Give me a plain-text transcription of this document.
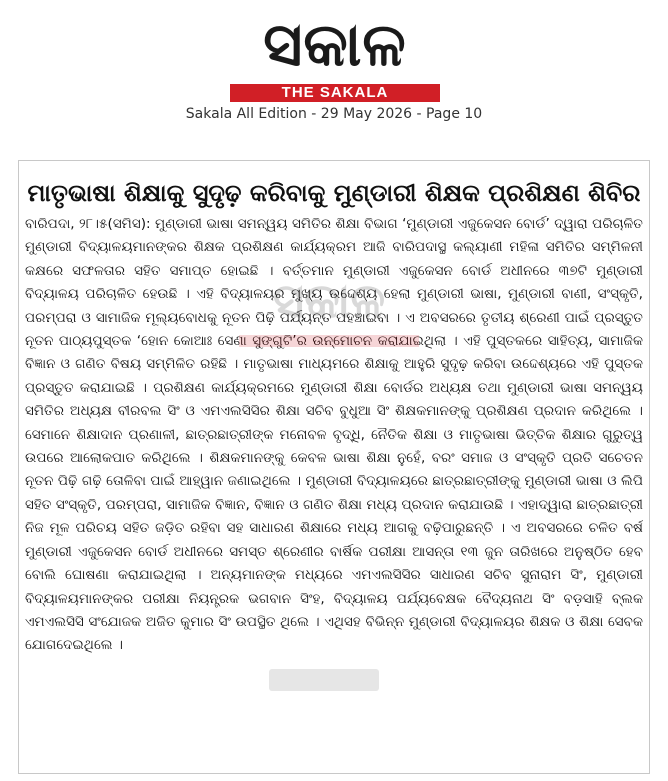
ସକାଳ
THE SAKALA
Sakala All Edition - 29 May 2026 - Page 10
ମାତୃଭାଷା ଶିକ୍ଷାକୁ ସୁଦୃଢ଼ କରିବାକୁ ମୁଣ୍ଡାରୀ ଶିକ୍ଷକ ପ୍ରଶିକ୍ଷଣ ଶିବିର
ବାରିପଦା, ୨୮।୫(ସମିସ): ମୁଣ୍ଡାରୀ ଭାଷା ସମନ୍ୱୟ ସମିତିର ଶିକ୍ଷା ବିଭାଗ ‘ମୁଣ୍ଡାରୀ ଏଜୁକେସନ ବୋର୍ଡ’ ଦ୍ୱାରା ପରିଚାଳିତ ମୁଣ୍ଡାରୀ ବିଦ୍ୟାଳୟମାନଙ୍କର ଶିକ୍ଷକ ପ୍ରଶିକ୍ଷଣ କାର୍ଯ୍ୟକ୍ରମ ଆଜି ବାରିପଦାସ୍ଥ କଲ୍ୟାଣୀ ମହିଳା ସମିତିର ସମ୍ମିଳନୀ କକ୍ଷରେ ସଫଳତାର ସହିତ ସମାପ୍ତ ହୋଇଛି । ବର୍ତ୍ତମାନ ମୁଣ୍ଡାରୀ ଏଜୁକେସନ ବୋର୍ଡ ଅଧୀନରେ ୩୭ଟି ମୁଣ୍ଡାରୀ ବିଦ୍ୟାଳୟ ପରିଚାଳିତ ହେଉଛି । ଏହି ବିଦ୍ୟାଳୟର ମୁଖ୍ୟ ଉଦ୍ଦେଶ୍ୟ ହେଲା ମୁଣ୍ଡାରୀ ଭାଷା, ମୁଣ୍ଡାରୀ ବାଣୀ, ସଂସ୍କୃତି, ପରମ୍ପରା ଓ ସାମାଜିକ ମୂଲ୍ୟବୋଧକୁ ନୂତନ ପିଢ଼ି ପର୍ଯ୍ୟନ୍ତ ପହଞ୍ଚାଇବା । ଏ ଅବସରରେ ତୃତୀୟ ଶ୍ରେଣୀ ପାଇଁ ପ୍ରସ୍ତୁତ ନୂତନ ପାଠ୍ୟପୁସ୍ତକ ‘ହୋନ କୋଆଃ ସେଣା ସୁଙ୍ଗୁଟି’ର ଉନ୍ମୋଚନ କରାଯାଇଥିଲା । ଏହି ପୁସ୍ତକରେ ସାହିତ୍ୟ, ସାମାଜିକ ବିଜ୍ଞାନ ଓ ଗଣିତ ବିଷୟ ସମ୍ମିଳିତ ରହିଛି । ମାତୃଭାଷା ମାଧ୍ୟମରେ ଶିକ୍ଷାକୁ ଆହୁରି ସୁଦୃଢ଼ କରିବା ଉଦ୍ଦେଶ୍ୟରେ ଏହି ପୁସ୍ତକ ପ୍ରସ୍ତୁତ କରାଯାଇଛି । ପ୍ରଶିକ୍ଷଣ କାର୍ଯ୍ୟକ୍ରମରେ ମୁଣ୍ଡାରୀ ଶିକ୍ଷା ବୋର୍ଡର ଅଧ୍ୟକ୍ଷ ତଥା ମୁଣ୍ଡାରୀ ଭାଷା ସମନ୍ୱୟ ସମିତିର ଅଧ୍ୟକ୍ଷ ବୀରବଲ ସିଂ ଓ ଏମଏଲସିସିର ଶିକ୍ଷା ସଚିବ ବୁଧୁଆ ସିଂ ଶିକ୍ଷକମାନଙ୍କୁ ପ୍ରଶିକ୍ଷଣ ପ୍ରଦାନ କରିଥିଲେ । ସେମାନେ ଶିକ୍ଷାଦାନ ପ୍ରଣାଳୀ, ଛାତ୍ରଛାତ୍ରୀଙ୍କ ମନୋବଳ ବୃଦ୍ଧି, ନୈତିକ ଶିକ୍ଷା ଓ ମାତୃଭାଷା ଭିତ୍ତିକ ଶିକ୍ଷାର ଗୁରୁତ୍ୱ ଉପରେ ଆଲୋକପାତ କରିଥିଲେ । ଶିକ୍ଷକମାନଙ୍କୁ କେବଳ ଭାଷା ଶିକ୍ଷା ନୁହେଁ, ବରଂ ସମାଜ ଓ ସଂସ୍କୃତି ପ୍ରତି ସଚେତନ ନୂତନ ପିଢ଼ି ଗଢ଼ି ତୋଳିବା ପାଇଁ ଆହ୍ୱାନ ଜଣାଇଥିଲେ । ମୁଣ୍ଡାରୀ ବିଦ୍ୟାଳୟରେ ଛାତ୍ରଛାତ୍ରୀଙ୍କୁ ମୁଣ୍ଡାରୀ ଭାଷା ଓ ଲିପି ସହିତ ସଂସ୍କୃତି, ପରମ୍ପରା, ସାମାଜିକ ବିଜ୍ଞାନ, ବିଜ୍ଞାନ ଓ ଗଣିତ ଶିକ୍ଷା ମଧ୍ୟ ପ୍ରଦାନ କରାଯାଉଛି । ଏହାଦ୍ୱାରା ଛାତ୍ରଛାତ୍ରୀ ନିଜ ମୂଳ ପରିଚୟ ସହିତ ଜଡ଼ିତ ରହିବା ସହ ସାଧାରଣ ଶିକ୍ଷାରେ ମଧ୍ୟ ଆଗକୁ ବଢ଼ିପାରୁଛନ୍ତି । ଏ ଅବସରରେ ଚଳିତ ବର୍ଷ ମୁଣ୍ଡାରୀ ଏଜୁକେସନ ବୋର୍ଡ ଅଧୀନରେ ସମସ୍ତ ଶ୍ରେଣୀର ବାର୍ଷିକ ପରୀକ୍ଷା ଆସନ୍ତା ୧୩ ଜୁନ ତାରିଖରେ ଅନୁଷ୍ଠିତ ହେବ ବୋଲି ଘୋଷଣା କରାଯାଇଥିଲା । ଅନ୍ୟମାନଙ୍କ ମଧ୍ୟରେ ଏମଏଲସିସିର ସାଧାରଣ ସଚିବ ସୁନାରାମ ସିଂ, ମୁଣ୍ଡାରୀ ବିଦ୍ୟାଳୟମାନଙ୍କର ପରୀକ୍ଷା ନିୟନ୍ତ୍ରକ ଭଗବାନ ସିଂହ, ବିଦ୍ୟାଳୟ ପର୍ଯ୍ୟବେକ୍ଷକ ବୈଦ୍ୟନାଥ ସିଂ ବଡ଼ସାହି ବ୍ଲକ ଏମଏଲସିସି ସଂଯୋଜକ ଅଜିତ କୁମାର ସିଂ ଉପସ୍ଥିତ ଥିଲେ । ଏଥିସହ ବିଭିନ୍ନ ମୁଣ୍ଡାରୀ ବିଦ୍ୟାଳୟର ଶିକ୍ଷକ ଓ ଶିକ୍ଷା ସେବକ ଯୋଗଦେଇଥିଲେ ।
ସକାଳ
